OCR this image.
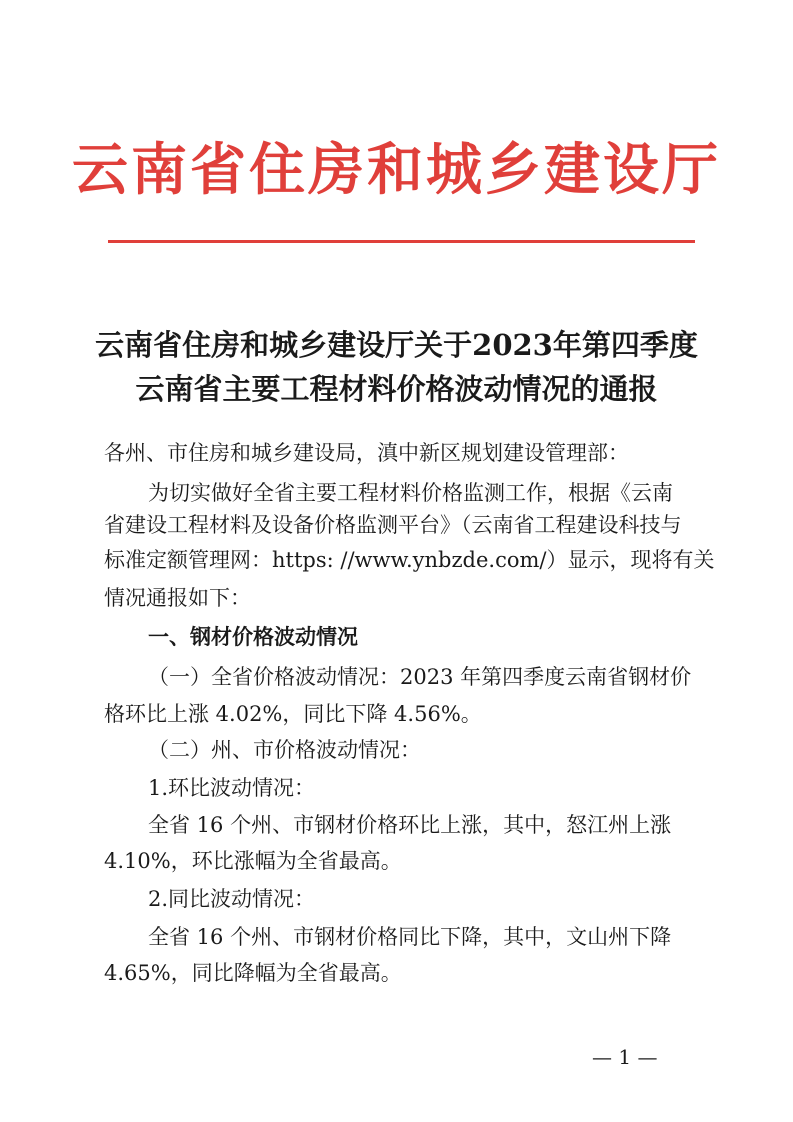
云南省住房和城乡建设厅
云南省住房和城乡建设厅关于2023年第四季度
云南省主要工程材料价格波动情况的通报
各州、市住房和城乡建设局，滇中新区规划建设管理部：
为切实做好全省主要工程材料价格监测工作，根据《云南
省建设工程材料及设备价格监测平台》（云南省工程建设科技与
标准定额管理网：https: //www.ynbzde.com/）显示，现将有关
情况通报如下：
一、钢材价格波动情况
（一）全省价格波动情况：2023 年第四季度云南省钢材价
格环比上涨 4.02%，同比下降 4.56%。
（二）州、市价格波动情况：
1.环比波动情况：
全省 16 个州、市钢材价格环比上涨，其中，怒江州上涨
4.10%，环比涨幅为全省最高。
2.同比波动情况：
全省 16 个州、市钢材价格同比下降，其中，文山州下降
4.65%，同比降幅为全省最高。
— 1 —
